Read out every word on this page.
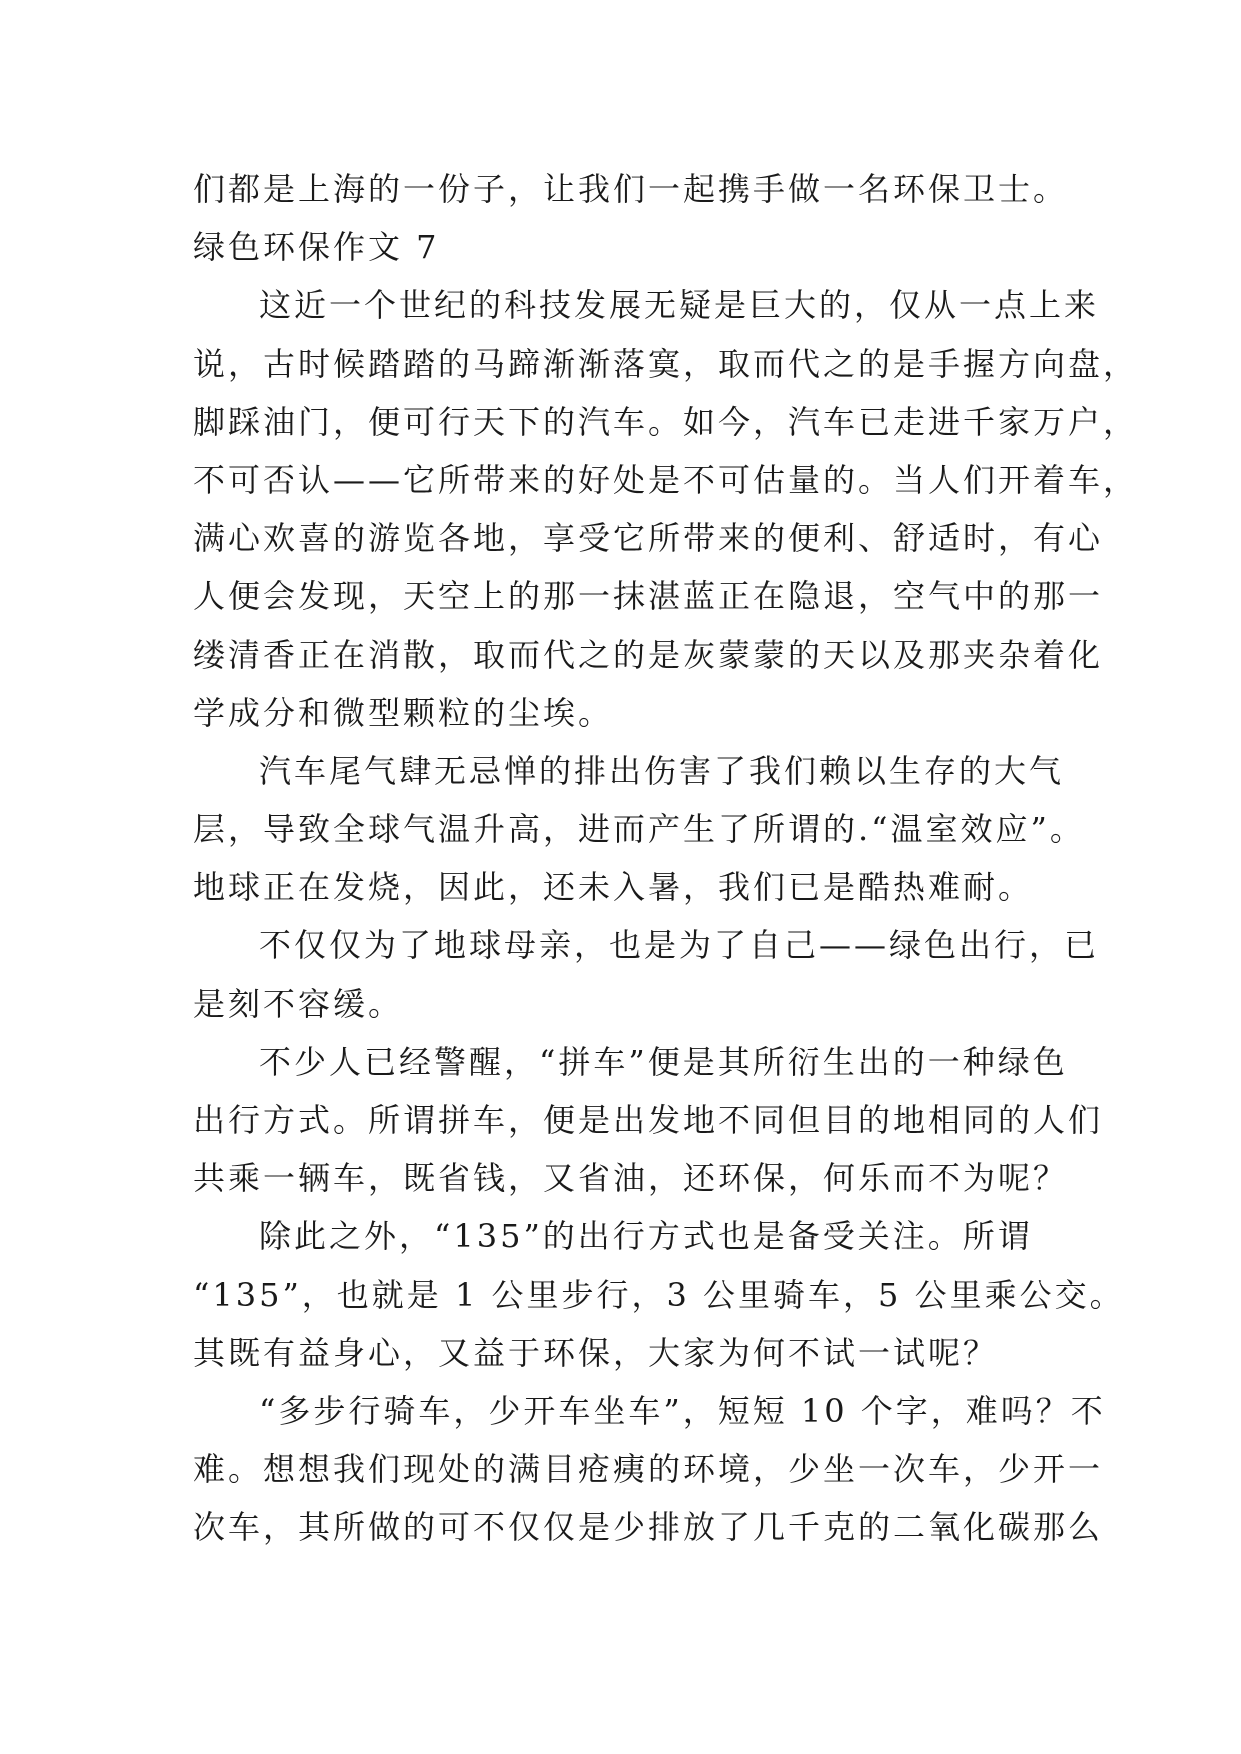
们都是上海的一份子，让我们一起携手做一名环保卫士。
绿色环保作文 7
这近一个世纪的科技发展无疑是巨大的，仅从一点上来
说，古时候踏踏的马蹄渐渐落寞，取而代之的是手握方向盘，
脚踩油门，便可行天下的汽车。如今，汽车已走进千家万户，
不可否认——它所带来的好处是不可估量的。当人们开着车，
满心欢喜的游览各地，享受它所带来的便利、舒适时，有心
人便会发现，天空上的那一抹湛蓝正在隐退，空气中的那一
缕清香正在消散，取而代之的是灰蒙蒙的天以及那夹杂着化
学成分和微型颗粒的尘埃。
汽车尾气肆无忌惮的排出伤害了我们赖以生存的大气
层，导致全球气温升高，进而产生了所谓的.“温室效应”。
地球正在发烧，因此，还未入暑，我们已是酷热难耐。
不仅仅为了地球母亲，也是为了自己——绿色出行，已
是刻不容缓。
不少人已经警醒，“拼车”便是其所衍生出的一种绿色
出行方式。所谓拼车，便是出发地不同但目的地相同的人们
共乘一辆车，既省钱，又省油，还环保，何乐而不为呢？
除此之外，“135”的出行方式也是备受关注。所谓
“135”，也就是 1 公里步行，3 公里骑车，5 公里乘公交。
其既有益身心，又益于环保，大家为何不试一试呢？
“多步行骑车，少开车坐车”，短短 10 个字，难吗？不
难。想想我们现处的满目疮痍的环境，少坐一次车，少开一
次车，其所做的可不仅仅是少排放了几千克的二氧化碳那么
